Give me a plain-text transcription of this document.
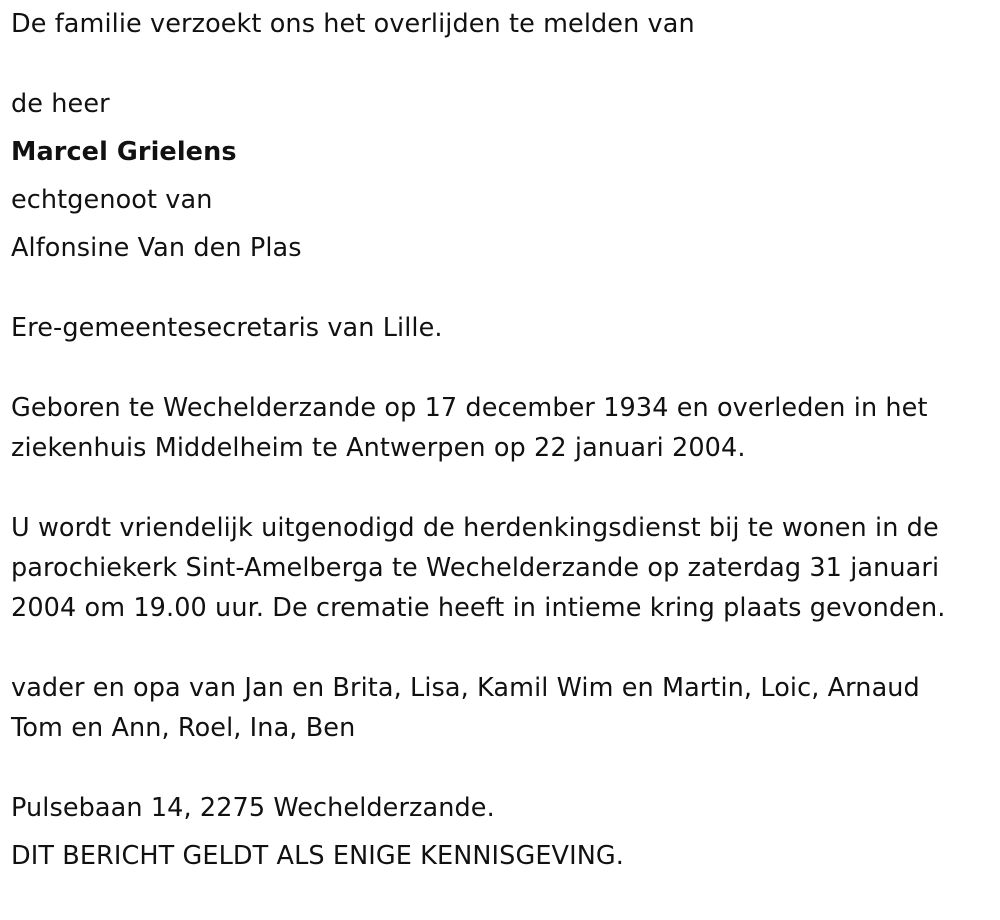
De familie verzoekt ons het overlijden te melden van

de heer

Marcel Grielens

echtgenoot van

Alfonsine Van den Plas

Ere-gemeentesecretaris van Lille.

Geboren te Wechelderzande op 17 december 1934 en overleden in het
ziekenhuis Middelheim te Antwerpen op 22 januari 2004.
U wordt vriendelijk uitgenodigd de herdenkingsdienst bij te wonen in de
parochiekerk Sint-Amelberga te Wechelderzande op zaterdag 31 januari
2004 om 19.00 uur. De crematie heeft in intieme kring plaats gevonden.
vader en opa van Jan en Brita, Lisa, Kamil Wim en Martin, Loic, Arnaud
Tom en Ann, Roel, Ina, Ben

Pulsebaan 14, 2275 Wechelderzande.

DIT BERICHT GELDT ALS ENIGE KENNISGEVING.
